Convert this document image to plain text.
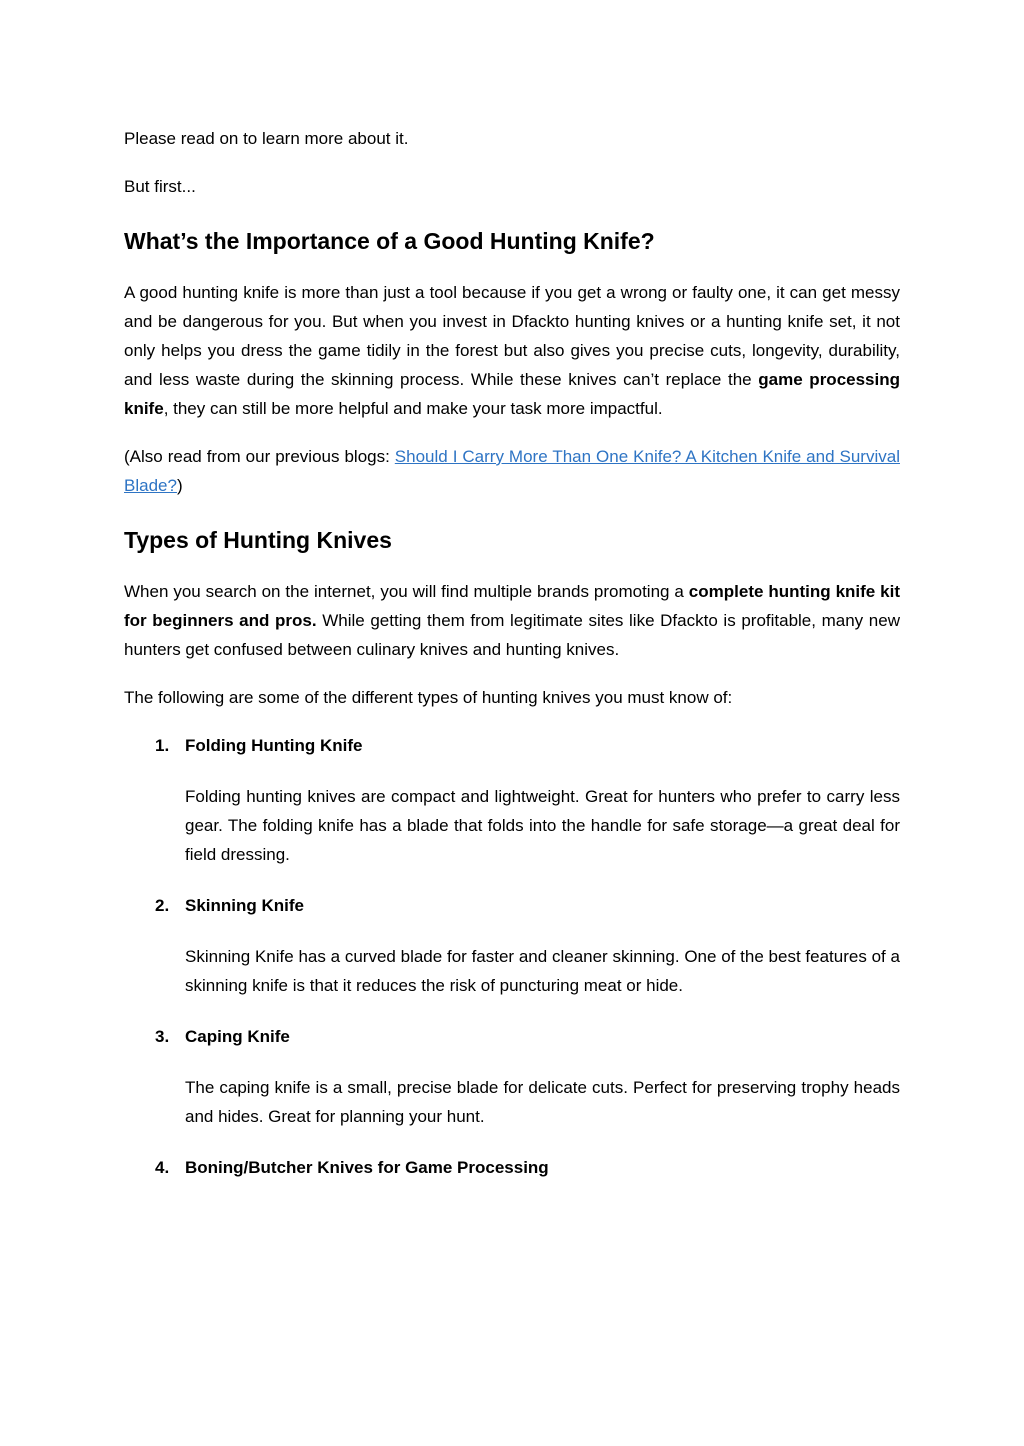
Please read on to learn more about it.

But first...

What’s the Importance of a Good Hunting Knife?

A good hunting knife is more than just a tool because if you get a wrong or faulty one, it can get messy and be dangerous for you. But when you invest in Dfackto hunting knives or a hunting knife set, it not only helps you dress the game tidily in the forest but also gives you precise cuts, longevity, durability, and less waste during the skinning process. While these knives can’t replace the game processing knife, they can still be more helpful and make your task more impactful.

(Also read from our previous blogs: Should I Carry More Than One Knife? A Kitchen Knife and Survival Blade?)

Types of Hunting Knives

When you search on the internet, you will find multiple brands promoting a complete hunting knife kit for beginners and pros. While getting them from legitimate sites like Dfackto is profitable, many new hunters get confused between culinary knives and hunting knives.

The following are some of the different types of hunting knives you must know of:

1. Folding Hunting Knife
Folding hunting knives are compact and lightweight. Great for hunters who prefer to carry less gear. The folding knife has a blade that folds into the handle for safe storage—a great deal for field dressing.
2. Skinning Knife
Skinning Knife has a curved blade for faster and cleaner skinning. One of the best features of a skinning knife is that it reduces the risk of puncturing meat or hide.
3. Caping Knife
The caping knife is a small, precise blade for delicate cuts. Perfect for preserving trophy heads and hides. Great for planning your hunt.
4. Boning/Butcher Knives for Game Processing
